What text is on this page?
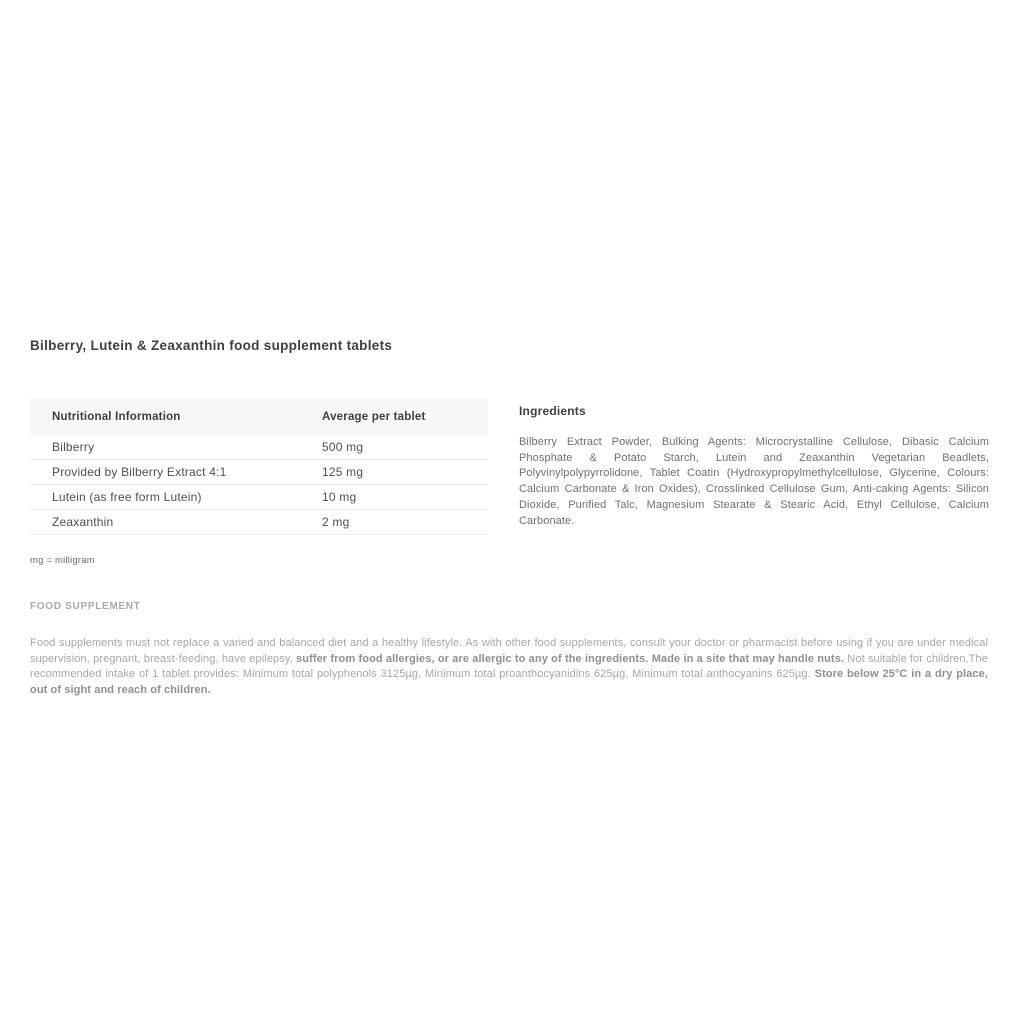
Bilberry, Lutein & Zeaxanthin food supplement tablets
Nutritional Information	Average per tablet
Bilberry	500 mg
Provided by Bilberry Extract 4:1	125 mg
Lutein (as free form Lutein)	10 mg
Zeaxanthin	2 mg
Ingredients

Bilberry Extract Powder, Bulking Agents: Microcrystalline Cellulose, Dibasic Calcium Phosphate & Potato Starch, Lutein and Zeaxanthin Vegetarian Beadlets, Polyvinylpolypyrrolidone, Tablet Coatin (Hydroxypropylmethylcellulose, Glycerine, Colours: Calcium Carbonate & Iron Oxides), Crosslinked Cellulose Gum, Anti-caking Agents: Silicon Dioxide, Purified Talc, Magnesium Stearate & Stearic Acid, Ethyl Cellulose, Calcium Carbonate.

mg = milligram
FOOD SUPPLEMENT

Food supplements must not replace a varied and balanced diet and a healthy lifestyle. As with other food supplements, consult your doctor or pharmacist before using if you are under medical supervision, pregnant, breast-feeding, have epilepsy, suffer from food allergies, or are allergic to any of the ingredients. Made in a site that may handle nuts. Not suitable for children.The recommended intake of 1 tablet provides: Minimum total polyphenols 3125µg, Minimum total proanthocyanidins 625µg, Minimum total anthocyanins 625µg. Store below 25°C in a dry place, out of sight and reach of children.
